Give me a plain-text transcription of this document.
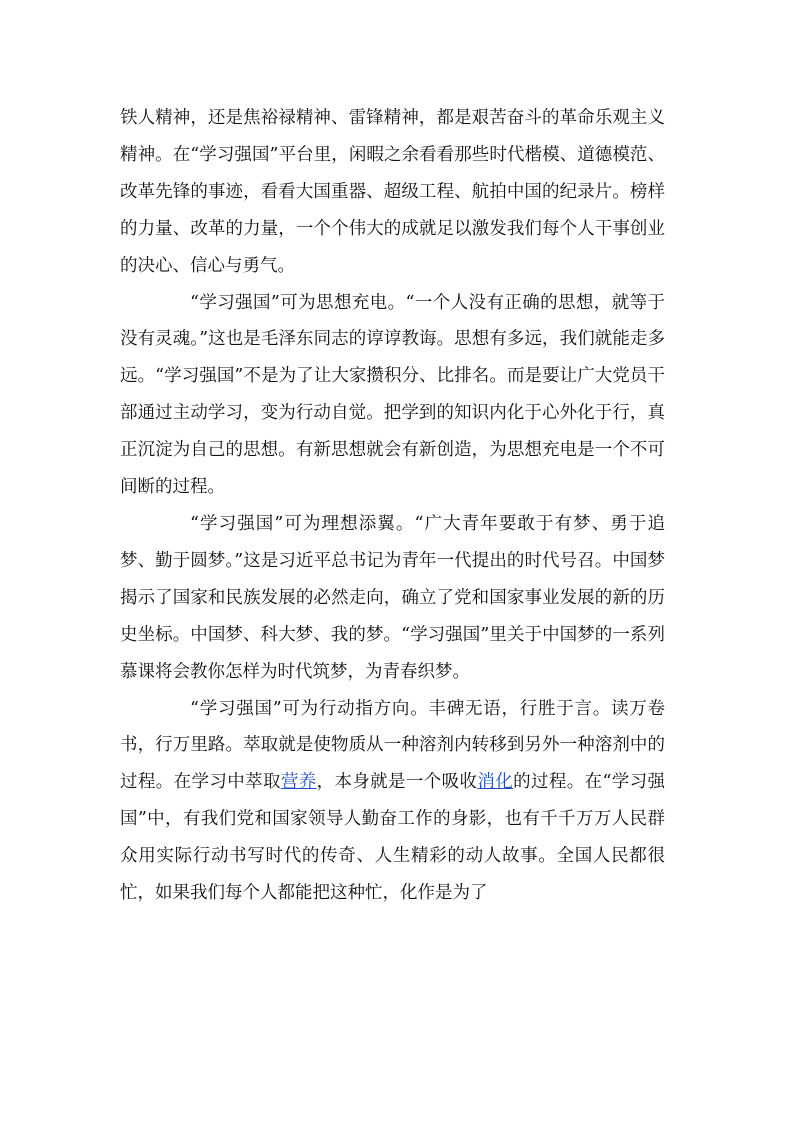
铁人精神，还是焦裕禄精神、雷锋精神，都是艰苦奋斗的革命乐观主义精神。在“学习强国”平台里，闲暇之余看看那些时代楷模、道德模范、改革先锋的事迹，看看大国重器、超级工程、航拍中国的纪录片。榜样的力量、改革的力量，一个个伟大的成就足以激发我们每个人干事创业的决心、信心与勇气。

“学习强国”可为思想充电。“一个人没有正确的思想，就等于没有灵魂。”这也是毛泽东同志的谆谆教诲。思想有多远，我们就能走多远。“学习强国”不是为了让大家攒积分、比排名。而是要让广大党员干部通过主动学习，变为行动自觉。把学到的知识内化于心外化于行，真正沉淀为自己的思想。有新思想就会有新创造，为思想充电是一个不可间断的过程。

“学习强国”可为理想添翼。“广大青年要敢于有梦、勇于追梦、勤于圆梦。”这是习近平总书记为青年一代提出的时代号召。中国梦揭示了国家和民族发展的必然走向，确立了党和国家事业发展的新的历史坐标。中国梦、科大梦、我的梦。“学习强国”里关于中国梦的一系列慕课将会教你怎样为时代筑梦，为青春织梦。

“学习强国”可为行动指方向。丰碑无语，行胜于言。读万卷书，行万里路。萃取就是使物质从一种溶剂内转移到另外一种溶剂中的过程。在学习中萃取营养，本身就是一个吸收消化的过程。在“学习强国”中，有我们党和国家领导人勤奋工作的身影，也有千千万万人民群众用实际行动书写时代的传奇、人生精彩的动人故事。全国人民都很忙，如果我们每个人都能把这种忙，化作是为了
